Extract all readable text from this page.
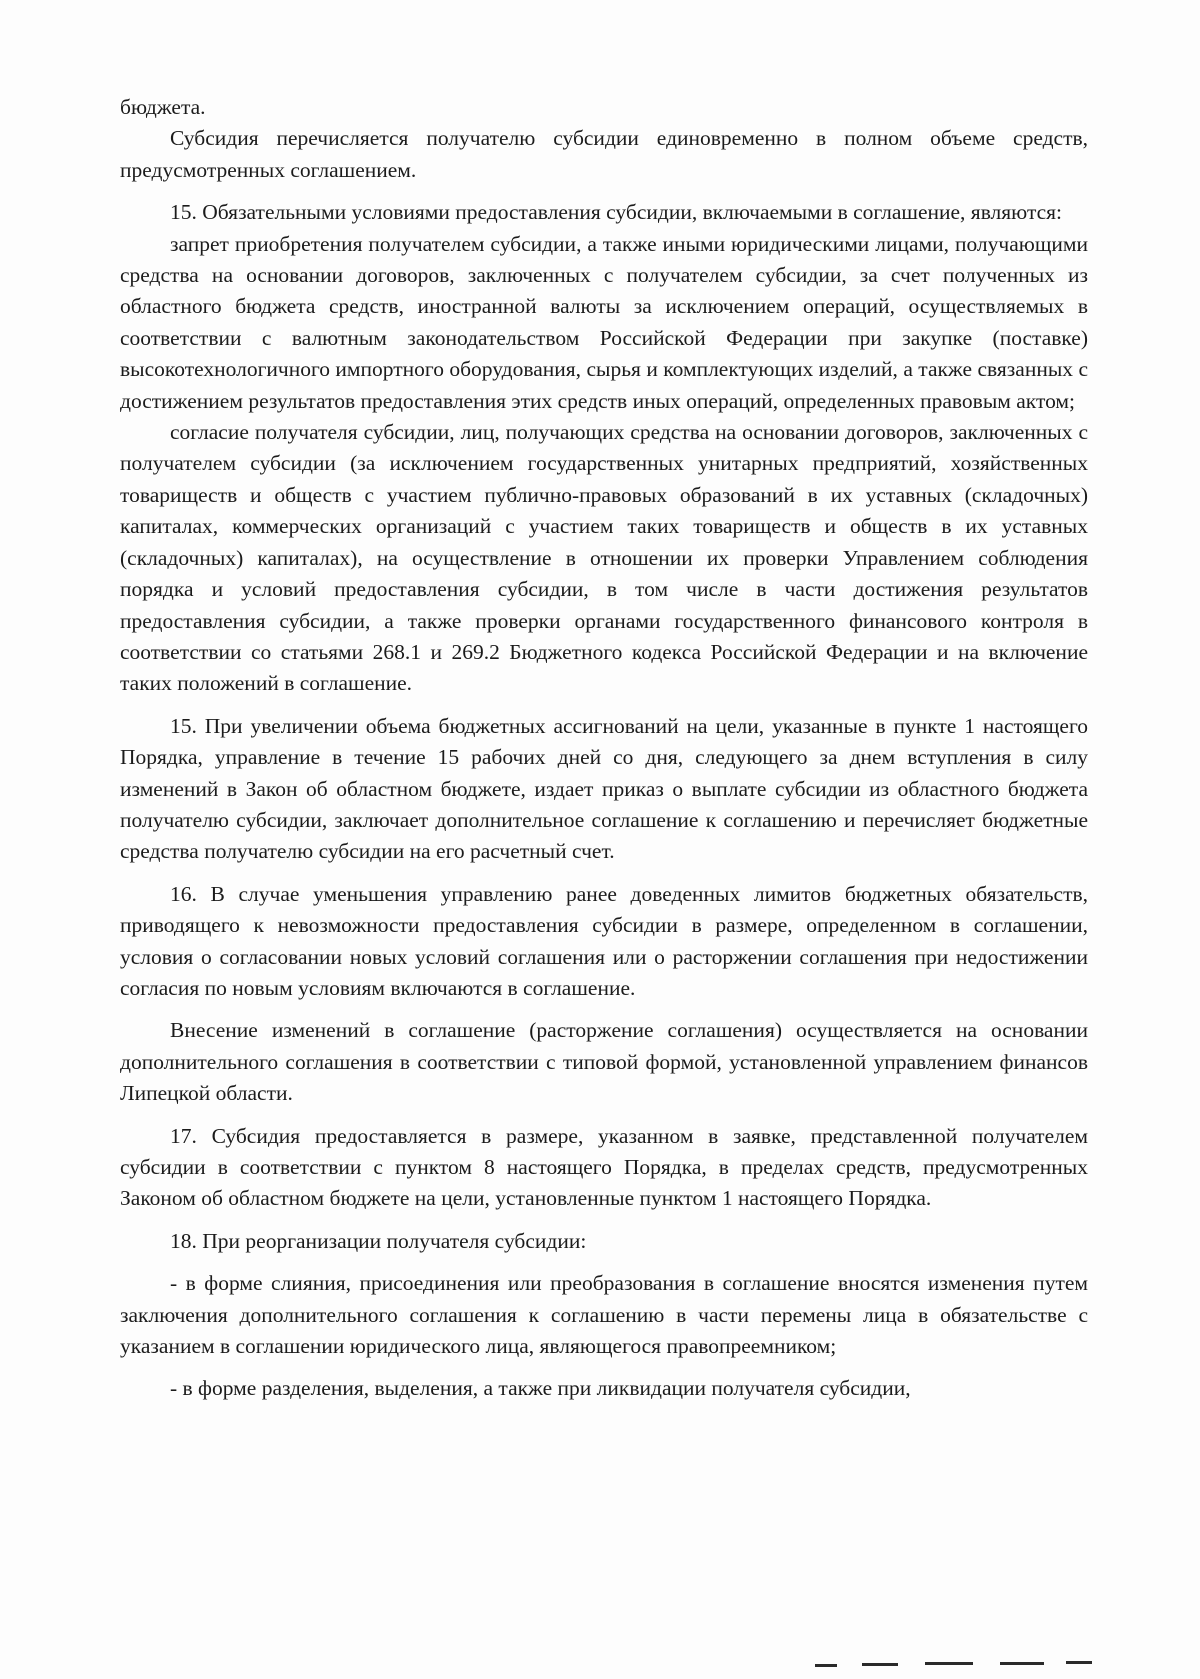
бюджета.

Субсидия перечисляется получателю субсидии единовременно в полном объеме средств, предусмотренных соглашением.

15. Обязательными условиями предоставления субсидии, включаемыми в соглашение, являются:

запрет приобретения получателем субсидии, а также иными юридическими лицами, получающими средства на основании договоров, заключенных с получателем субсидии, за счет полученных из областного бюджета средств, иностранной валюты за исключением операций, осуществляемых в соответствии с валютным законодательством Российской Федерации при закупке (поставке) высокотехнологичного импортного оборудования, сырья и комплектующих изделий, а также связанных с достижением результатов предоставления этих средств иных операций, определенных правовым актом;

согласие получателя субсидии, лиц, получающих средства на основании договоров, заключенных с получателем субсидии (за исключением государственных унитарных предприятий, хозяйственных товариществ и обществ с участием публично-правовых образований в их уставных (складочных) капиталах, коммерческих организаций с участием таких товариществ и обществ в их уставных (складочных) капиталах), на осуществление в отношении их проверки Управлением соблюдения порядка и условий предоставления субсидии, в том числе в части достижения результатов предоставления субсидии, а также проверки органами государственного финансового контроля в соответствии со статьями 268.1 и 269.2 Бюджетного кодекса Российской Федерации и на включение таких положений в соглашение.

15. При увеличении объема бюджетных ассигнований на цели, указанные в пункте 1 настоящего Порядка, управление в течение 15 рабочих дней со дня, следующего за днем вступления в силу изменений в Закон об областном бюджете, издает приказ о выплате субсидии из областного бюджета получателю субсидии, заключает дополнительное соглашение к соглашению и перечисляет бюджетные средства получателю субсидии на его расчетный счет.

16. В случае уменьшения управлению ранее доведенных лимитов бюджетных обязательств, приводящего к невозможности предоставления субсидии в размере, определенном в соглашении, условия о согласовании новых условий соглашения или о расторжении соглашения при недостижении согласия по новым условиям включаются в соглашение.

Внесение изменений в соглашение (расторжение соглашения) осуществляется на основании дополнительного соглашения в соответствии с типовой формой, установленной управлением финансов Липецкой области.

17. Субсидия предоставляется в размере, указанном в заявке, представленной получателем субсидии в соответствии с пунктом 8 настоящего Порядка, в пределах средств, предусмотренных Законом об областном бюджете на цели, установленные пунктом 1 настоящего Порядка.

18. При реорганизации получателя субсидии:

- в форме слияния, присоединения или преобразования в соглашение вносятся изменения путем заключения дополнительного соглашения к соглашению в части перемены лица в обязательстве с указанием в соглашении юридического лица, являющегося правопреемником;

- в форме разделения, выделения, а также при ликвидации получателя субсидии,
